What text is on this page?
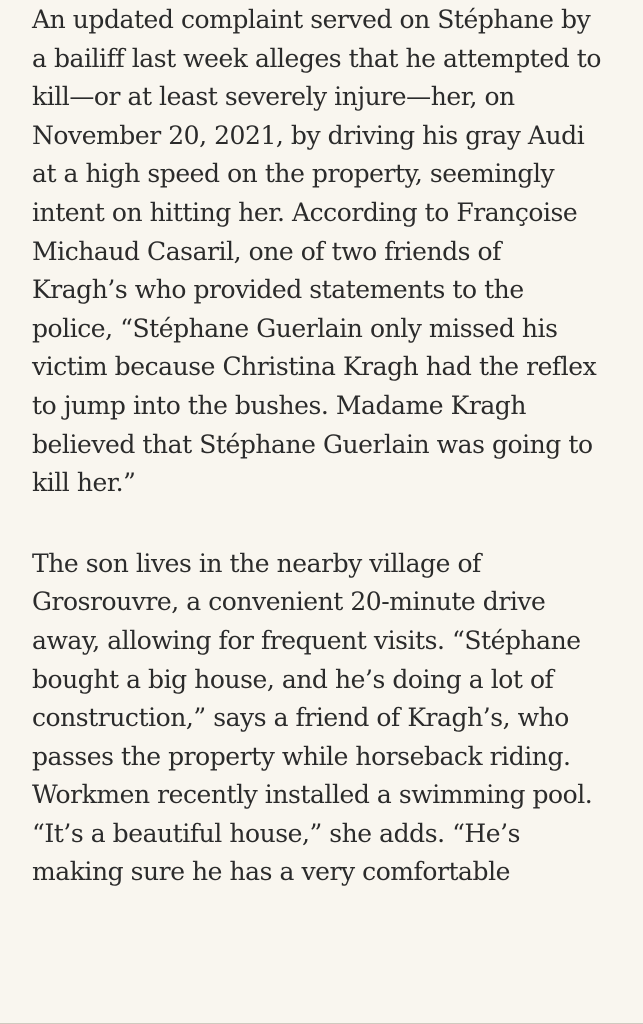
An updated complaint served on Stéphane by
a bailiff last week alleges that he attempted to
kill—or at least severely injure—her, on
November 20, 2021, by driving his gray Audi
at a high speed on the property, seemingly
intent on hitting her. According to Françoise
Michaud Casaril, one of two friends of
Kragh’s who provided statements to the
police, “Stéphane Guerlain only missed his
victim because Christina Kragh had the reflex
to jump into the bushes. Madame Kragh
believed that Stéphane Guerlain was going to
kill her.”
The son lives in the nearby village of
Grosrouvre, a convenient 20-minute drive
away, allowing for frequent visits. “Stéphane
bought a big house, and he’s doing a lot of
construction,” says a friend of Kragh’s, who
passes the property while horseback riding.
Workmen recently installed a swimming pool.
“It’s a beautiful house,” she adds. “He’s
making sure he has a very comfortable
